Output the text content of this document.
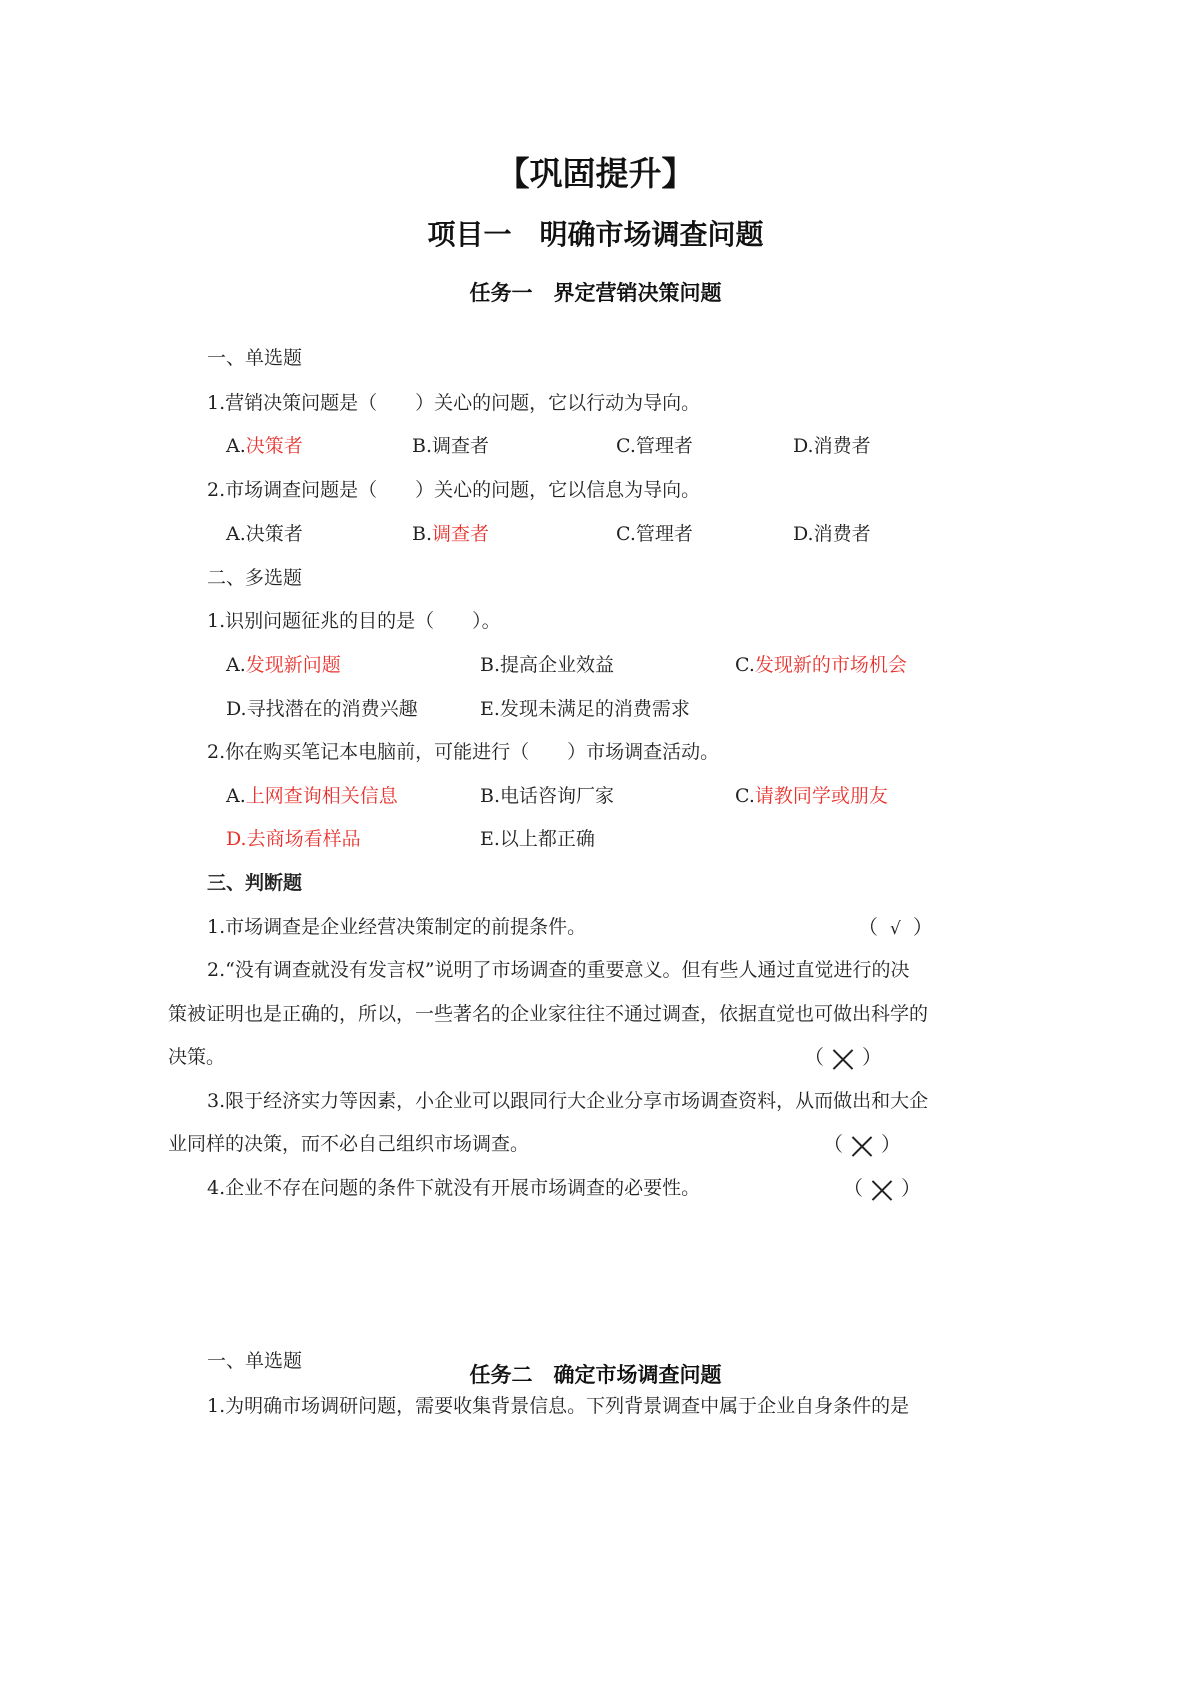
【巩固提升】
项目一　明确市场调查问题
任务一　界定营销决策问题
一、单选题
1.营销决策问题是（　　）关心的问题，它以行动为导向。
A.决策者	B.调查者	C.管理者	D.消费者
2.市场调查问题是（　　）关心的问题，它以信息为导向。
A.决策者	B.调查者	C.管理者	D.消费者
二、多选题
1.识别问题征兆的目的是（　　）。
A.发现新问题	B.提高企业效益	C.发现新的市场机会
D.寻找潜在的消费兴趣	E.发现未满足的消费需求
2.你在购买笔记本电脑前，可能进行（　　）市场调查活动。
A.上网查询相关信息	B.电话咨询厂家	C.请教同学或朋友
D.去商场看样品	E.以上都正确
三、判断题
1.市场调查是企业经营决策制定的前提条件。	（ √ ）
2.“没有调查就没有发言权”说明了市场调查的重要意义。但有些人通过直觉进行的决
策被证明也是正确的，所以，一些著名的企业家往往不通过调查，依据直觉也可做出科学的
决策。	（ ）
3.限于经济实力等因素，小企业可以跟同行大企业分享市场调查资料，从而做出和大企
业同样的决策，而不必自己组织市场调查。	（ ）
4.企业不存在问题的条件下就没有开展市场调查的必要性。	（ ）
任务二　确定市场调查问题
一、单选题
1.为明确市场调研问题，需要收集背景信息。下列背景调查中属于企业自身条件的是
